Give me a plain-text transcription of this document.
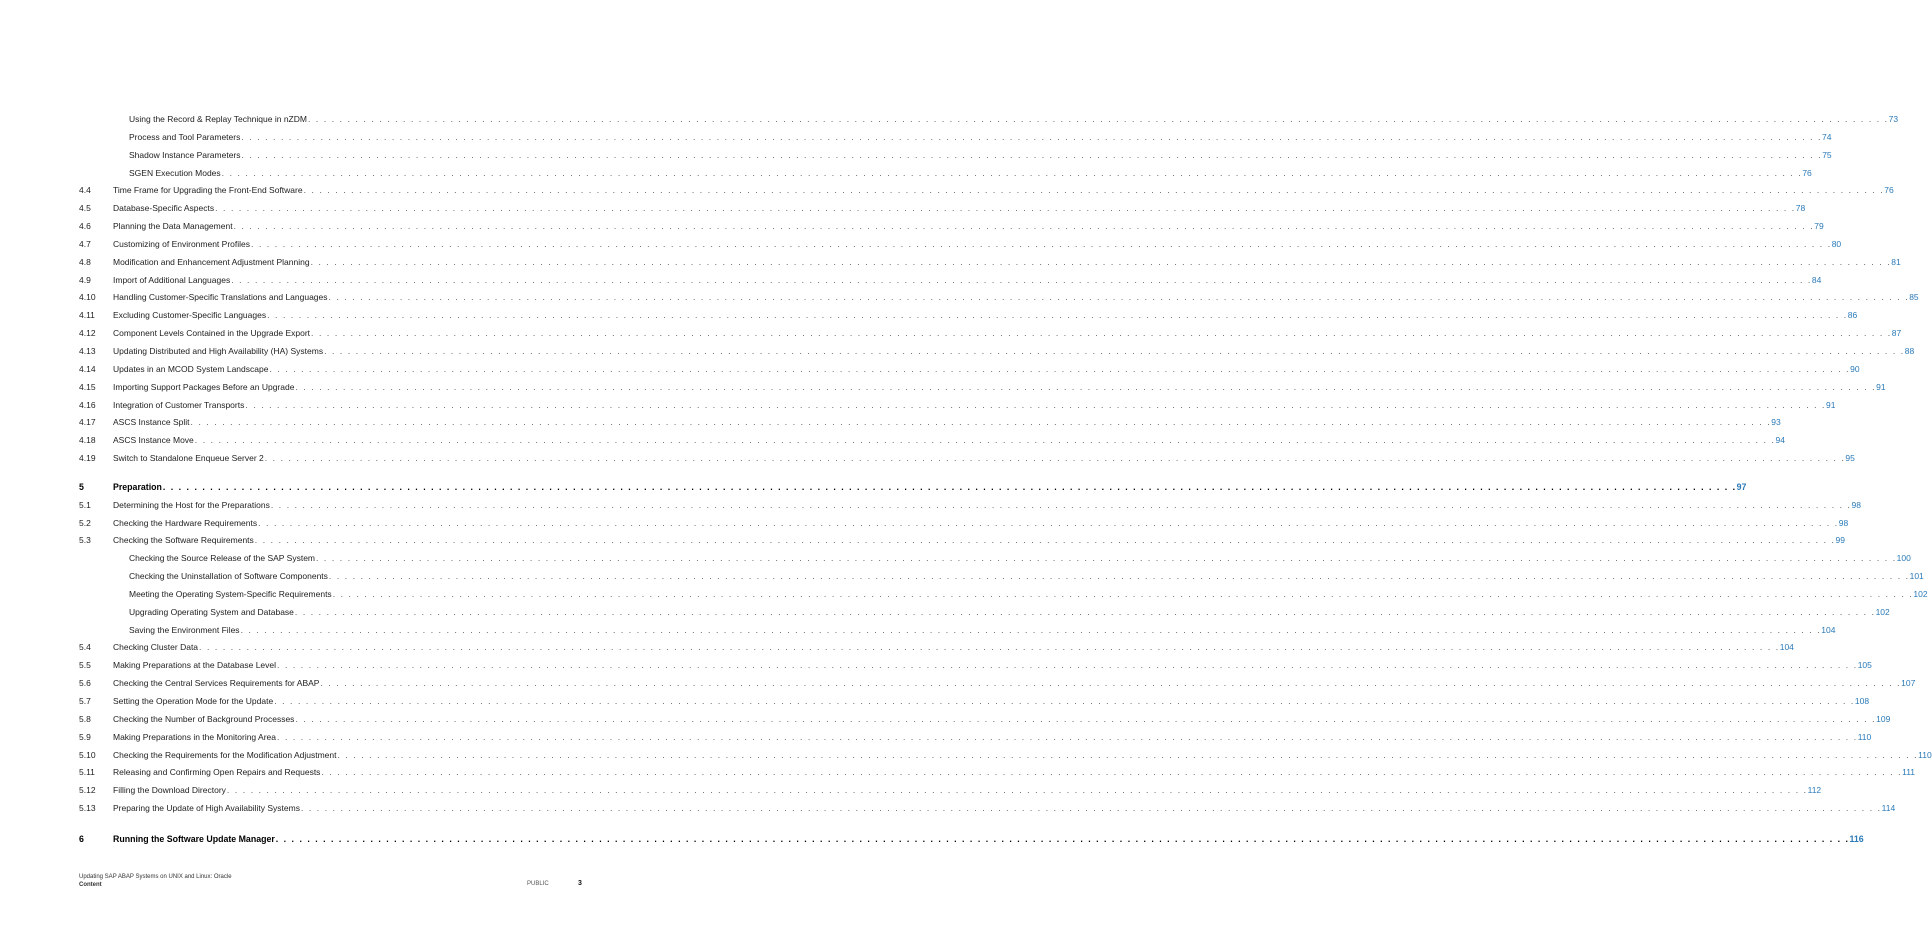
Using the Record & Replay Technique in nZDM . . . . . . . . . . . . . . . . . . . . . . . . . . . . . . . . . . . . . . . . . . . . . . . . . . . . . . . . . . . . . . . . . . . . . . . . . . . . . . . . . . . . . . . . . . . . . . . . . . . . . . . . . . . . . . . . . . . . . . . . . . . . . . . . . . . . . . . . . . . . . . . . . . . . . . . . . . . . . . . . . . . . . . . . . . . . . . . . . . . . . . . . . . . . . . . . . . . . . . . . 73
Process and Tool Parameters . . . . . . . . . . . . . . . . . . . . . . . . . . . . . . . . . . . . . . . . . . . . . . . . . . . . . . . . . . . . . . . . . . . . . . . . . . . . . . . . . . . . . . . . . . . . . . . . . . . . . . . . . . . . . . . . . . . . . . . . . . . . . . . . . . . . . . . . . . . . . . . . . . . . . . . . . . . . . . . . . . . . . . . . . . . . . . . . . . . . . . . . . . . . . . . . . . . . . . . . 74
Shadow Instance Parameters . . . . . . . . . . . . . . . . . . . . . . . . . . . . . . . . . . . . . . . . . . . . . . . . . . . . . . . . . . . . . . . . . . . . . . . . . . . . . . . . . . . . . . . . . . . . . . . . . . . . . . . . . . . . . . . . . . . . . . . . . . . . . . . . . . . . . . . . . . . . . . . . . . . . . . . . . . . . . . . . . . . . . . . . . . . . . . . . . . . . . . . . . . . . . . . . . . . . . . . . 75
SGEN Execution Modes . . . . . . . . . . . . . . . . . . . . . . . . . . . . . . . . . . . . . . . . . . . . . . . . . . . . . . . . . . . . . . . . . . . . . . . . . . . . . . . . . . . . . . . . . . . . . . . . . . . . . . . . . . . . . . . . . . . . . . . . . . . . . . . . . . . . . . . . . . . . . . . . . . . . . . . . . . . . . . . . . . . . . . . . . . . . . . . . . . . . . . . . . . . . . . . . . . . . . . . . 76
4.4	Time Frame for Upgrading the Front-End Software . . . . . . . . . . . . . . . . . . . . . . . . . . . . . . . . . . . . . . . . . . . . . . . . . . . . . . . . . . . . . . . . . . . . . . . . . . . . . . . . . . . . . . . . . . . . . . . . . . . . . . . . . . . . . . . . . . . . . . . . . . . . . . . . . . . . . . . . . . . . . . . . . . . . . . . . . . . . . . . . . . . . . . . . . . . . . . . . . . . . . . . . . . . . . . . . . . . . . . . . 76
4.5	Database-Specific Aspects . . . . . . . . . . . . . . . . . . . . . . . . . . . . . . . . . . . . . . . . . . . . . . . . . . . . . . . . . . . . . . . . . . . . . . . . . . . . . . . . . . . . . . . . . . . . . . . . . . . . . . . . . . . . . . . . . . . . . . . . . . . . . . . . . . . . . . . . . . . . . . . . . . . . . . . . . . . . . . . . . . . . . . . . . . . . . . . . . . . . . . . . . . . . . . . . . . . . . . . . 78
4.6	Planning the Data Management . . . . . . . . . . . . . . . . . . . . . . . . . . . . . . . . . . . . . . . . . . . . . . . . . . . . . . . . . . . . . . . . . . . . . . . . . . . . . . . . . . . . . . . . . . . . . . . . . . . . . . . . . . . . . . . . . . . . . . . . . . . . . . . . . . . . . . . . . . . . . . . . . . . . . . . . . . . . . . . . . . . . . . . . . . . . . . . . . . . . . . . . . . . . . . . . . . . . . . . . 79
4.7	Customizing of Environment Profiles . . . . . . . . . . . . . . . . . . . . . . . . . . . . . . . . . . . . . . . . . . . . . . . . . . . . . . . . . . . . . . . . . . . . . . . . . . . . . . . . . . . . . . . . . . . . . . . . . . . . . . . . . . . . . . . . . . . . . . . . . . . . . . . . . . . . . . . . . . . . . . . . . . . . . . . . . . . . . . . . . . . . . . . . . . . . . . . . . . . . . . . . . . . . . . . . . . . . . . . . 80
4.8	Modification and Enhancement Adjustment Planning . . . . . . . . . . . . . . . . . . . . . . . . . . . . . . . . . . . . . . . . . . . . . . . . . . . . . . . . . . . . . . . . . . . . . . . . . . . . . . . . . . . . . . . . . . . . . . . . . . . . . . . . . . . . . . . . . . . . . . . . . . . . . . . . . . . . . . . . . . . . . . . . . . . . . . . . . . . . . . . . . . . . . . . . . . . . . . . . . . . . . . . . . . . . . . . . . . . . . . . . 81
4.9	Import of Additional Languages . . . . . . . . . . . . . . . . . . . . . . . . . . . . . . . . . . . . . . . . . . . . . . . . . . . . . . . . . . . . . . . . . . . . . . . . . . . . . . . . . . . . . . . . . . . . . . . . . . . . . . . . . . . . . . . . . . . . . . . . . . . . . . . . . . . . . . . . . . . . . . . . . . . . . . . . . . . . . . . . . . . . . . . . . . . . . . . . . . . . . . . . . . . . . . . . . . . . . . . . 84
4.10	Handling Customer-Specific Translations and Languages . . . . . . . . . . . . . . . . . . . . . . . . . . . . . . . . . . . . . . . . . . . . . . . . . . . . . . . . . . . . . . . . . . . . . . . . . . . . . . . . . . . . . . . . . . . . . . . . . . . . . . . . . . . . . . . . . . . . . . . . . . . . . . . . . . . . . . . . . . . . . . . . . . . . . . . . . . . . . . . . . . . . . . . . . . . . . . . . . . . . . . . . . . . . . . . . . . . . . . . . 85
4.11	Excluding Customer-Specific Languages . . . . . . . . . . . . . . . . . . . . . . . . . . . . . . . . . . . . . . . . . . . . . . . . . . . . . . . . . . . . . . . . . . . . . . . . . . . . . . . . . . . . . . . . . . . . . . . . . . . . . . . . . . . . . . . . . . . . . . . . . . . . . . . . . . . . . . . . . . . . . . . . . . . . . . . . . . . . . . . . . . . . . . . . . . . . . . . . . . . . . . . . . . . . . . . . . . . . . . . . 86
4.12	Component Levels Contained in the Upgrade Export . . . . . . . . . . . . . . . . . . . . . . . . . . . . . . . . . . . . . . . . . . . . . . . . . . . . . . . . . . . . . . . . . . . . . . . . . . . . . . . . . . . . . . . . . . . . . . . . . . . . . . . . . . . . . . . . . . . . . . . . . . . . . . . . . . . . . . . . . . . . . . . . . . . . . . . . . . . . . . . . . . . . . . . . . . . . . . . . . . . . . . . . . . . . . . . . . . . . . . . . 87
4.13	Updating Distributed and High Availability (HA) Systems . . . . . . . . . . . . . . . . . . . . . . . . . . . . . . . . . . . . . . . . . . . . . . . . . . . . . . . . . . . . . . . . . . . . . . . . . . . . . . . . . . . . . . . . . . . . . . . . . . . . . . . . . . . . . . . . . . . . . . . . . . . . . . . . . . . . . . . . . . . . . . . . . . . . . . . . . . . . . . . . . . . . . . . . . . . . . . . . . . . . . . . . . . . . . . . . . . . . . . . . 88
4.14	Updates in an MCOD System Landscape . . . . . . . . . . . . . . . . . . . . . . . . . . . . . . . . . . . . . . . . . . . . . . . . . . . . . . . . . . . . . . . . . . . . . . . . . . . . . . . . . . . . . . . . . . . . . . . . . . . . . . . . . . . . . . . . . . . . . . . . . . . . . . . . . . . . . . . . . . . . . . . . . . . . . . . . . . . . . . . . . . . . . . . . . . . . . . . . . . . . . . . . . . . . . . . . . . . . . . . . 90
4.15	Importing Support Packages Before an Upgrade . . . . . . . . . . . . . . . . . . . . . . . . . . . . . . . . . . . . . . . . . . . . . . . . . . . . . . . . . . . . . . . . . . . . . . . . . . . . . . . . . . . . . . . . . . . . . . . . . . . . . . . . . . . . . . . . . . . . . . . . . . . . . . . . . . . . . . . . . . . . . . . . . . . . . . . . . . . . . . . . . . . . . . . . . . . . . . . . . . . . . . . . . . . . . . . . . . . . . . . . 91
4.16	Integration of Customer Transports . . . . . . . . . . . . . . . . . . . . . . . . . . . . . . . . . . . . . . . . . . . . . . . . . . . . . . . . . . . . . . . . . . . . . . . . . . . . . . . . . . . . . . . . . . . . . . . . . . . . . . . . . . . . . . . . . . . . . . . . . . . . . . . . . . . . . . . . . . . . . . . . . . . . . . . . . . . . . . . . . . . . . . . . . . . . . . . . . . . . . . . . . . . . . . . . . . . . . . . . 91
4.17	ASCS Instance Split . . . . . . . . . . . . . . . . . . . . . . . . . . . . . . . . . . . . . . . . . . . . . . . . . . . . . . . . . . . . . . . . . . . . . . . . . . . . . . . . . . . . . . . . . . . . . . . . . . . . . . . . . . . . . . . . . . . . . . . . . . . . . . . . . . . . . . . . . . . . . . . . . . . . . . . . . . . . . . . . . . . . . . . . . . . . . . . . . . . . . . . . . . . . . . . . . . . . . . . . 93
4.18	ASCS Instance Move . . . . . . . . . . . . . . . . . . . . . . . . . . . . . . . . . . . . . . . . . . . . . . . . . . . . . . . . . . . . . . . . . . . . . . . . . . . . . . . . . . . . . . . . . . . . . . . . . . . . . . . . . . . . . . . . . . . . . . . . . . . . . . . . . . . . . . . . . . . . . . . . . . . . . . . . . . . . . . . . . . . . . . . . . . . . . . . . . . . . . . . . . . . . . . . . . . . . . . . . 94
4.19	Switch to Standalone Enqueue Server 2 . . . . . . . . . . . . . . . . . . . . . . . . . . . . . . . . . . . . . . . . . . . . . . . . . . . . . . . . . . . . . . . . . . . . . . . . . . . . . . . . . . . . . . . . . . . . . . . . . . . . . . . . . . . . . . . . . . . . . . . . . . . . . . . . . . . . . . . . . . . . . . . . . . . . . . . . . . . . . . . . . . . . . . . . . . . . . . . . . . . . . . . . . . . . . . . . . . . . . . . . 95
5	Preparation . . . . . . . . . . . . . . . . . . . . . . . . . . . . . . . . . . . . . . . . . . . . . . . . . . . . . . . . . . . . . . . . . . . . . . . . . . . . . . . . . . . . . . . . . . . . . . . . . . . . . . . . . . . . . . . . . . . . . . . . . . . . . . . . . . . . . . . . . . . . . . . . . . . . . . . . . . . . . . . . . . . . . . . . . . . . . . . . . . . . . . . . . . . . . . . . . . . . . . . . 97
5.1	Determining the Host for the Preparations . . . . . . . . . . . . . . . . . . . . . . . . . . . . . . . . . . . . . . . . . . . . . . . . . . . . . . . . . . . . . . . . . . . . . . . . . . . . . . . . . . . . . . . . . . . . . . . . . . . . . . . . . . . . . . . . . . . . . . . . . . . . . . . . . . . . . . . . . . . . . . . . . . . . . . . . . . . . . . . . . . . . . . . . . . . . . . . . . . . . . . . . . . . . . . . . . . . . . . . . 98
5.2	Checking the Hardware Requirements . . . . . . . . . . . . . . . . . . . . . . . . . . . . . . . . . . . . . . . . . . . . . . . . . . . . . . . . . . . . . . . . . . . . . . . . . . . . . . . . . . . . . . . . . . . . . . . . . . . . . . . . . . . . . . . . . . . . . . . . . . . . . . . . . . . . . . . . . . . . . . . . . . . . . . . . . . . . . . . . . . . . . . . . . . . . . . . . . . . . . . . . . . . . . . . . . . . . . . . . 98
5.3	Checking the Software Requirements . . . . . . . . . . . . . . . . . . . . . . . . . . . . . . . . . . . . . . . . . . . . . . . . . . . . . . . . . . . . . . . . . . . . . . . . . . . . . . . . . . . . . . . . . . . . . . . . . . . . . . . . . . . . . . . . . . . . . . . . . . . . . . . . . . . . . . . . . . . . . . . . . . . . . . . . . . . . . . . . . . . . . . . . . . . . . . . . . . . . . . . . . . . . . . . . . . . . . . . . 99
Checking the Source Release of the SAP System . . . . . . . . . . . . . . . . . . . . . . . . . . . . . . . . . . . . . . . . . . . . . . . . . . . . . . . . . . . . . . . . . . . . . . . . . . . . . . . . . . . . . . . . . . . . . . . . . . . . . . . . . . . . . . . . . . . . . . . . . . . . . . . . . . . . . . . . . . . . . . . . . . . . . . . . . . . . . . . . . . . . . . . . . . . . . . . . . . . . . . . . . . . . . . . . . . . . . . . . 100
Checking the Uninstallation of Software Components . . . . . . . . . . . . . . . . . . . . . . . . . . . . . . . . . . . . . . . . . . . . . . . . . . . . . . . . . . . . . . . . . . . . . . . . . . . . . . . . . . . . . . . . . . . . . . . . . . . . . . . . . . . . . . . . . . . . . . . . . . . . . . . . . . . . . . . . . . . . . . . . . . . . . . . . . . . . . . . . . . . . . . . . . . . . . . . . . . . . . . . . . . . . . . . . . . . . . . . . 101
Meeting the Operating System-Specific Requirements . . . . . . . . . . . . . . . . . . . . . . . . . . . . . . . . . . . . . . . . . . . . . . . . . . . . . . . . . . . . . . . . . . . . . . . . . . . . . . . . . . . . . . . . . . . . . . . . . . . . . . . . . . . . . . . . . . . . . . . . . . . . . . . . . . . . . . . . . . . . . . . . . . . . . . . . . . . . . . . . . . . . . . . . . . . . . . . . . . . . . . . . . . . . . . . . . . . . . . . . 102
Upgrading Operating System and Database . . . . . . . . . . . . . . . . . . . . . . . . . . . . . . . . . . . . . . . . . . . . . . . . . . . . . . . . . . . . . . . . . . . . . . . . . . . . . . . . . . . . . . . . . . . . . . . . . . . . . . . . . . . . . . . . . . . . . . . . . . . . . . . . . . . . . . . . . . . . . . . . . . . . . . . . . . . . . . . . . . . . . . . . . . . . . . . . . . . . . . . . . . . . . . . . . . . . . . . . 102
Saving the Environment Files . . . . . . . . . . . . . . . . . . . . . . . . . . . . . . . . . . . . . . . . . . . . . . . . . . . . . . . . . . . . . . . . . . . . . . . . . . . . . . . . . . . . . . . . . . . . . . . . . . . . . . . . . . . . . . . . . . . . . . . . . . . . . . . . . . . . . . . . . . . . . . . . . . . . . . . . . . . . . . . . . . . . . . . . . . . . . . . . . . . . . . . . . . . . . . . . . . . . . . . . 104
5.4	Checking Cluster Data . . . . . . . . . . . . . . . . . . . . . . . . . . . . . . . . . . . . . . . . . . . . . . . . . . . . . . . . . . . . . . . . . . . . . . . . . . . . . . . . . . . . . . . . . . . . . . . . . . . . . . . . . . . . . . . . . . . . . . . . . . . . . . . . . . . . . . . . . . . . . . . . . . . . . . . . . . . . . . . . . . . . . . . . . . . . . . . . . . . . . . . . . . . . . . . . . . . . . . . . 104
5.5	Making Preparations at the Database Level . . . . . . . . . . . . . . . . . . . . . . . . . . . . . . . . . . . . . . . . . . . . . . . . . . . . . . . . . . . . . . . . . . . . . . . . . . . . . . . . . . . . . . . . . . . . . . . . . . . . . . . . . . . . . . . . . . . . . . . . . . . . . . . . . . . . . . . . . . . . . . . . . . . . . . . . . . . . . . . . . . . . . . . . . . . . . . . . . . . . . . . . . . . . . . . . . . . . . . . . 105
5.6	Checking the Central Services Requirements for ABAP . . . . . . . . . . . . . . . . . . . . . . . . . . . . . . . . . . . . . . . . . . . . . . . . . . . . . . . . . . . . . . . . . . . . . . . . . . . . . . . . . . . . . . . . . . . . . . . . . . . . . . . . . . . . . . . . . . . . . . . . . . . . . . . . . . . . . . . . . . . . . . . . . . . . . . . . . . . . . . . . . . . . . . . . . . . . . . . . . . . . . . . . . . . . . . . . . . . . . . . . 107
5.7	Setting the Operation Mode for the Update . . . . . . . . . . . . . . . . . . . . . . . . . . . . . . . . . . . . . . . . . . . . . . . . . . . . . . . . . . . . . . . . . . . . . . . . . . . . . . . . . . . . . . . . . . . . . . . . . . . . . . . . . . . . . . . . . . . . . . . . . . . . . . . . . . . . . . . . . . . . . . . . . . . . . . . . . . . . . . . . . . . . . . . . . . . . . . . . . . . . . . . . . . . . . . . . . . . . . . . . 108
5.8	Checking the Number of Background Processes . . . . . . . . . . . . . . . . . . . . . . . . . . . . . . . . . . . . . . . . . . . . . . . . . . . . . . . . . . . . . . . . . . . . . . . . . . . . . . . . . . . . . . . . . . . . . . . . . . . . . . . . . . . . . . . . . . . . . . . . . . . . . . . . . . . . . . . . . . . . . . . . . . . . . . . . . . . . . . . . . . . . . . . . . . . . . . . . . . . . . . . . . . . . . . . . . . . . . . . . 109
5.9	Making Preparations in the Monitoring Area . . . . . . . . . . . . . . . . . . . . . . . . . . . . . . . . . . . . . . . . . . . . . . . . . . . . . . . . . . . . . . . . . . . . . . . . . . . . . . . . . . . . . . . . . . . . . . . . . . . . . . . . . . . . . . . . . . . . . . . . . . . . . . . . . . . . . . . . . . . . . . . . . . . . . . . . . . . . . . . . . . . . . . . . . . . . . . . . . . . . . . . . . . . . . . . . . . . . . . . . 110
5.10	Checking the Requirements for the Modification Adjustment . . . . . . . . . . . . . . . . . . . . . . . . . . . . . . . . . . . . . . . . . . . . . . . . . . . . . . . . . . . . . . . . . . . . . . . . . . . . . . . . . . . . . . . . . . . . . . . . . . . . . . . . . . . . . . . . . . . . . . . . . . . . . . . . . . . . . . . . . . . . . . . . . . . . . . . . . . . . . . . . . . . . . . . . . . . . . . . . . . . . . . . . . . . . . . . . . . . . . . . . 110
5.11	Releasing and Confirming Open Repairs and Requests . . . . . . . . . . . . . . . . . . . . . . . . . . . . . . . . . . . . . . . . . . . . . . . . . . . . . . . . . . . . . . . . . . . . . . . . . . . . . . . . . . . . . . . . . . . . . . . . . . . . . . . . . . . . . . . . . . . . . . . . . . . . . . . . . . . . . . . . . . . . . . . . . . . . . . . . . . . . . . . . . . . . . . . . . . . . . . . . . . . . . . . . . . . . . . . . . . . . . . . . 111
5.12	Filling the Download Directory . . . . . . . . . . . . . . . . . . . . . . . . . . . . . . . . . . . . . . . . . . . . . . . . . . . . . . . . . . . . . . . . . . . . . . . . . . . . . . . . . . . . . . . . . . . . . . . . . . . . . . . . . . . . . . . . . . . . . . . . . . . . . . . . . . . . . . . . . . . . . . . . . . . . . . . . . . . . . . . . . . . . . . . . . . . . . . . . . . . . . . . . . . . . . . . . . . . . . . . . 112
5.13	Preparing the Update of High Availability Systems . . . . . . . . . . . . . . . . . . . . . . . . . . . . . . . . . . . . . . . . . . . . . . . . . . . . . . . . . . . . . . . . . . . . . . . . . . . . . . . . . . . . . . . . . . . . . . . . . . . . . . . . . . . . . . . . . . . . . . . . . . . . . . . . . . . . . . . . . . . . . . . . . . . . . . . . . . . . . . . . . . . . . . . . . . . . . . . . . . . . . . . . . . . . . . . . . . . . . . . . 114
6	Running the Software Update Manager . . . . . . . . . . . . . . . . . . . . . . . . . . . . . . . . . . . . . . . . . . . . . . . . . . . . . . . . . . . . . . . . . . . . . . . . . . . . . . . . . . . . . . . . . . . . . . . . . . . . . . . . . . . . . . . . . . . . . . . . . . . . . . . . . . . . . . . . . . . . . . . . . . . . . . . . . . . . . . . . . . . . . . . . . . . . . . . . . . . . . . . . . . . . . . . . . . . . . . . . 116
Updating SAP ABAP Systems on UNIX and Linux: Oracle
Content	PUBLIC	3
